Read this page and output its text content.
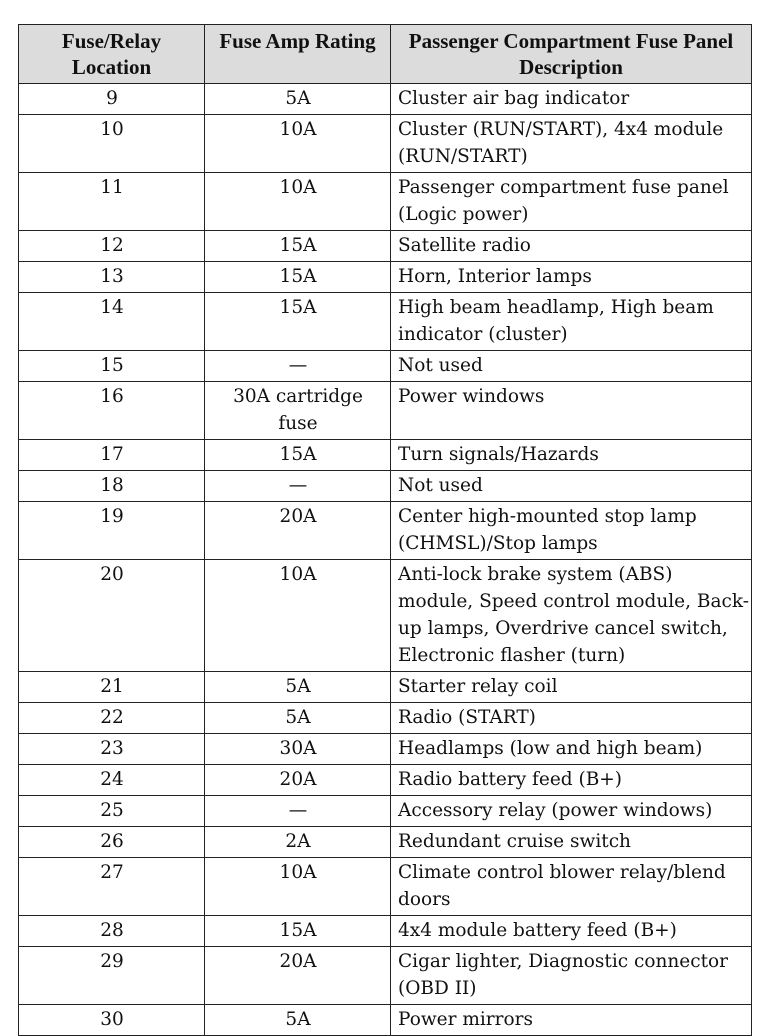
Fuse/Relay Location	Fuse Amp Rating	Passenger Compartment Fuse Panel Description
9	5A	Cluster air bag indicator
10	10A	Cluster (RUN/START), 4x4 module (RUN/START)
11	10A	Passenger compartment fuse panel (Logic power)
12	15A	Satellite radio
13	15A	Horn, Interior lamps
14	15A	High beam headlamp, High beam indicator (cluster)
15	—	Not used
16	30A cartridge fuse	Power windows
17	15A	Turn signals/Hazards
18	—	Not used
19	20A	Center high-mounted stop lamp (CHMSL)/Stop lamps
20	10A	Anti-lock brake system (ABS) module, Speed control module, Back-up lamps, Overdrive cancel switch, Electronic flasher (turn)
21	5A	Starter relay coil
22	5A	Radio (START)
23	30A	Headlamps (low and high beam)
24	20A	Radio battery feed (B+)
25	—	Accessory relay (power windows)
26	2A	Redundant cruise switch
27	10A	Climate control blower relay/blend doors
28	15A	4x4 module battery feed (B+)
29	20A	Cigar lighter, Diagnostic connector (OBD II)
30	5A	Power mirrors
